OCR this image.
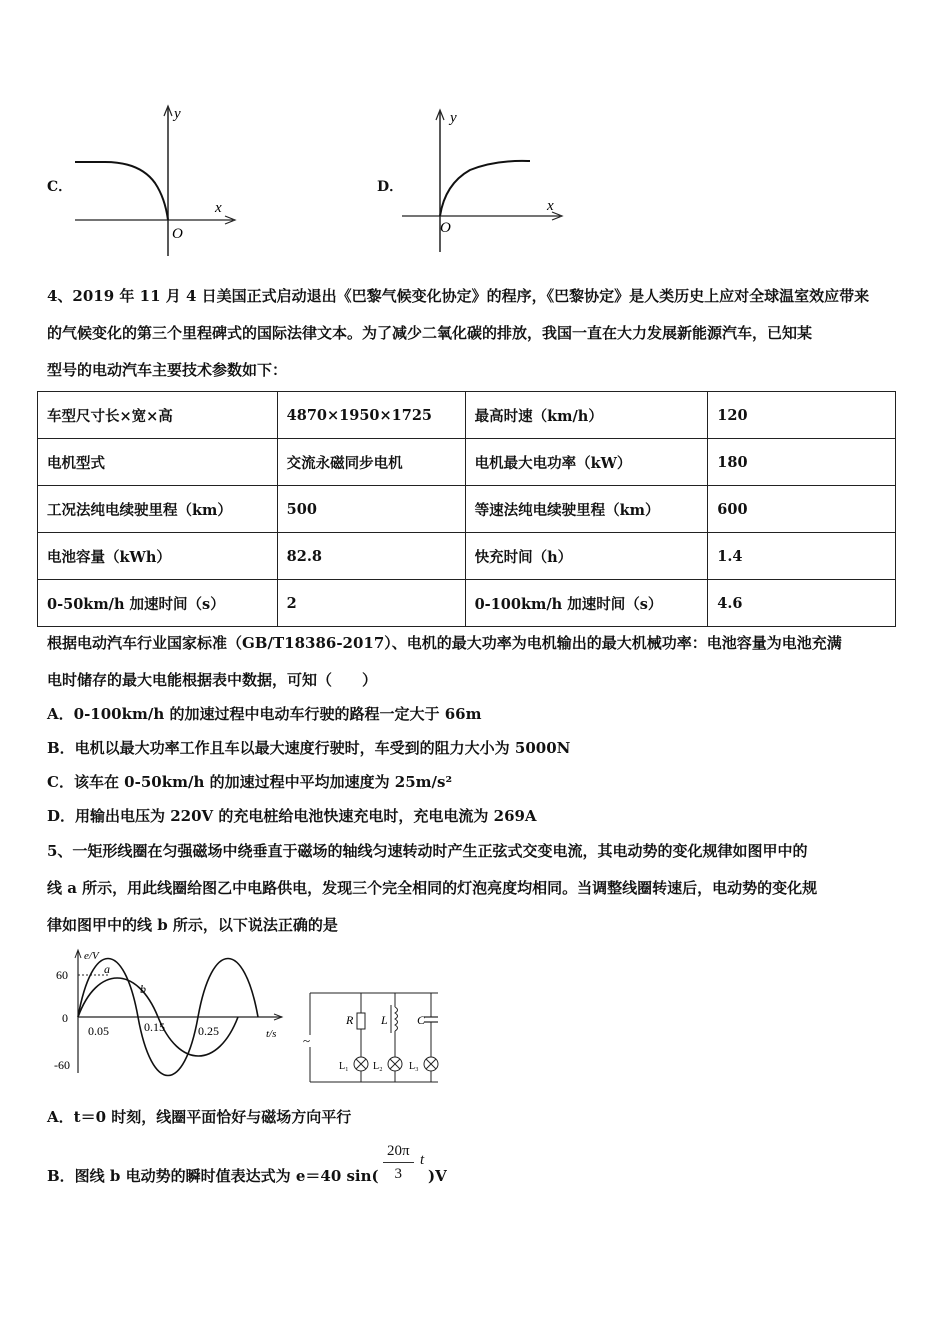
C．
y
x
O
D．
y
x
O
4、2019 年 11 月 4 日美国正式启动退出《巴黎气候变化协定》的程序，《巴黎协定》是人类历史上应对全球温室效应带来
的气候变化的第三个里程碑式的国际法律文本。为了减少二氧化碳的排放，我国一直在大力发展新能源汽车，已知某
型号的电动汽车主要技术参数如下：
车型尺寸长×宽×高	4870×1950×1725	最高时速（km/h）	120
电机型式	交流永磁同步电机	电机最大电功率（kW）	180
工况法纯电续驶里程（km）	500	等速法纯电续驶里程（km）	600
电池容量（kWh）	82.8	快充时间（h）	1.4
0-50km/h 加速时间（s）	2	0-100km/h 加速时间（s）	4.6
根据电动汽车行业国家标准（GB/T18386-2017）、电机的最大功率为电机输出的最大机械功率：电池容量为电池充满
电时储存的最大电能根据表中数据，可知（　　）
A．0-100km/h 的加速过程中电动车行驶的路程一定大于 66m
B．电机以最大功率工作且车以最大速度行驶时，车受到的阻力大小为 5000N
C．该车在 0-50km/h 的加速过程中平均加速度为 25m/s²
D．用输出电压为 220V 的充电桩给电池快速充电时，充电电流为 269A
5、一矩形线圈在匀强磁场中绕垂直于磁场的轴线匀速转动时产生正弦式交变电流，其电动势的变化规律如图甲中的
线 a 所示，用此线圈给图乙中电路供电，发现三个完全相同的灯泡亮度均相同。当调整线圈转速后，电动势的变化规
律如图甲中的线 b 所示，以下说法正确的是
e/V
t/s
60
0
-60
0.05	0.15	0.25
a
b
~
R L C
L₁ L₂	L₃
A．t＝0 时刻，线圈平面恰好与磁场方向平行
B．图线 b 电动势的瞬时值表达式为 e＝40 $\sin( \frac{20\pi}{3}$ t
)V
